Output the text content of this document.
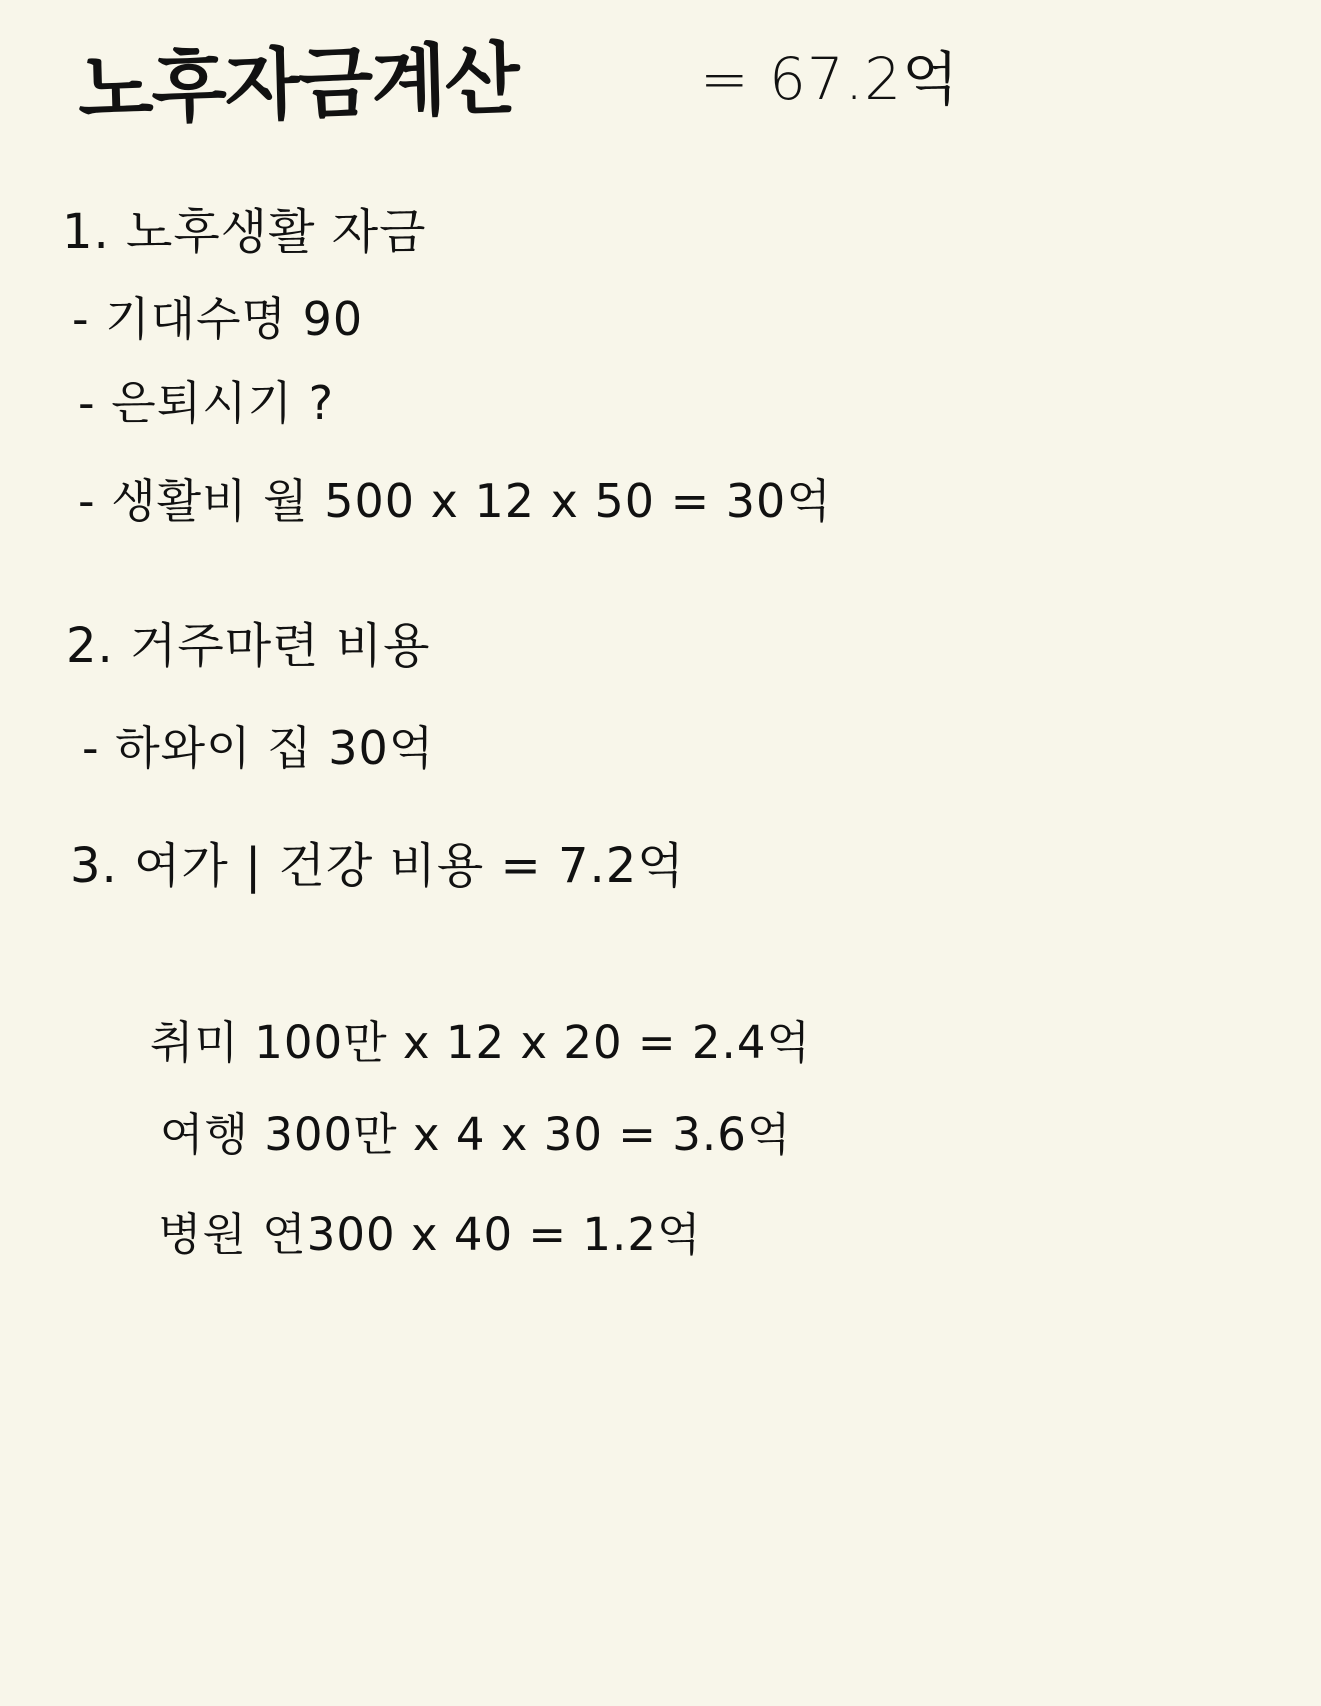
노후자금계산	= 67.2억
1. 노후생활 자금
- 기대수명 90
- 은퇴시기 ?
- 생활비 월 500 x 12 x 50 = 30억
2. 거주마련 비용
- 하와이 집 30억
3. 여가 | 건강 비용 = 7.2억
취미 100만 x 12 x 20 = 2.4억
여행 300만 x 4 x 30 = 3.6억
병원 연300 x 40 = 1.2억
